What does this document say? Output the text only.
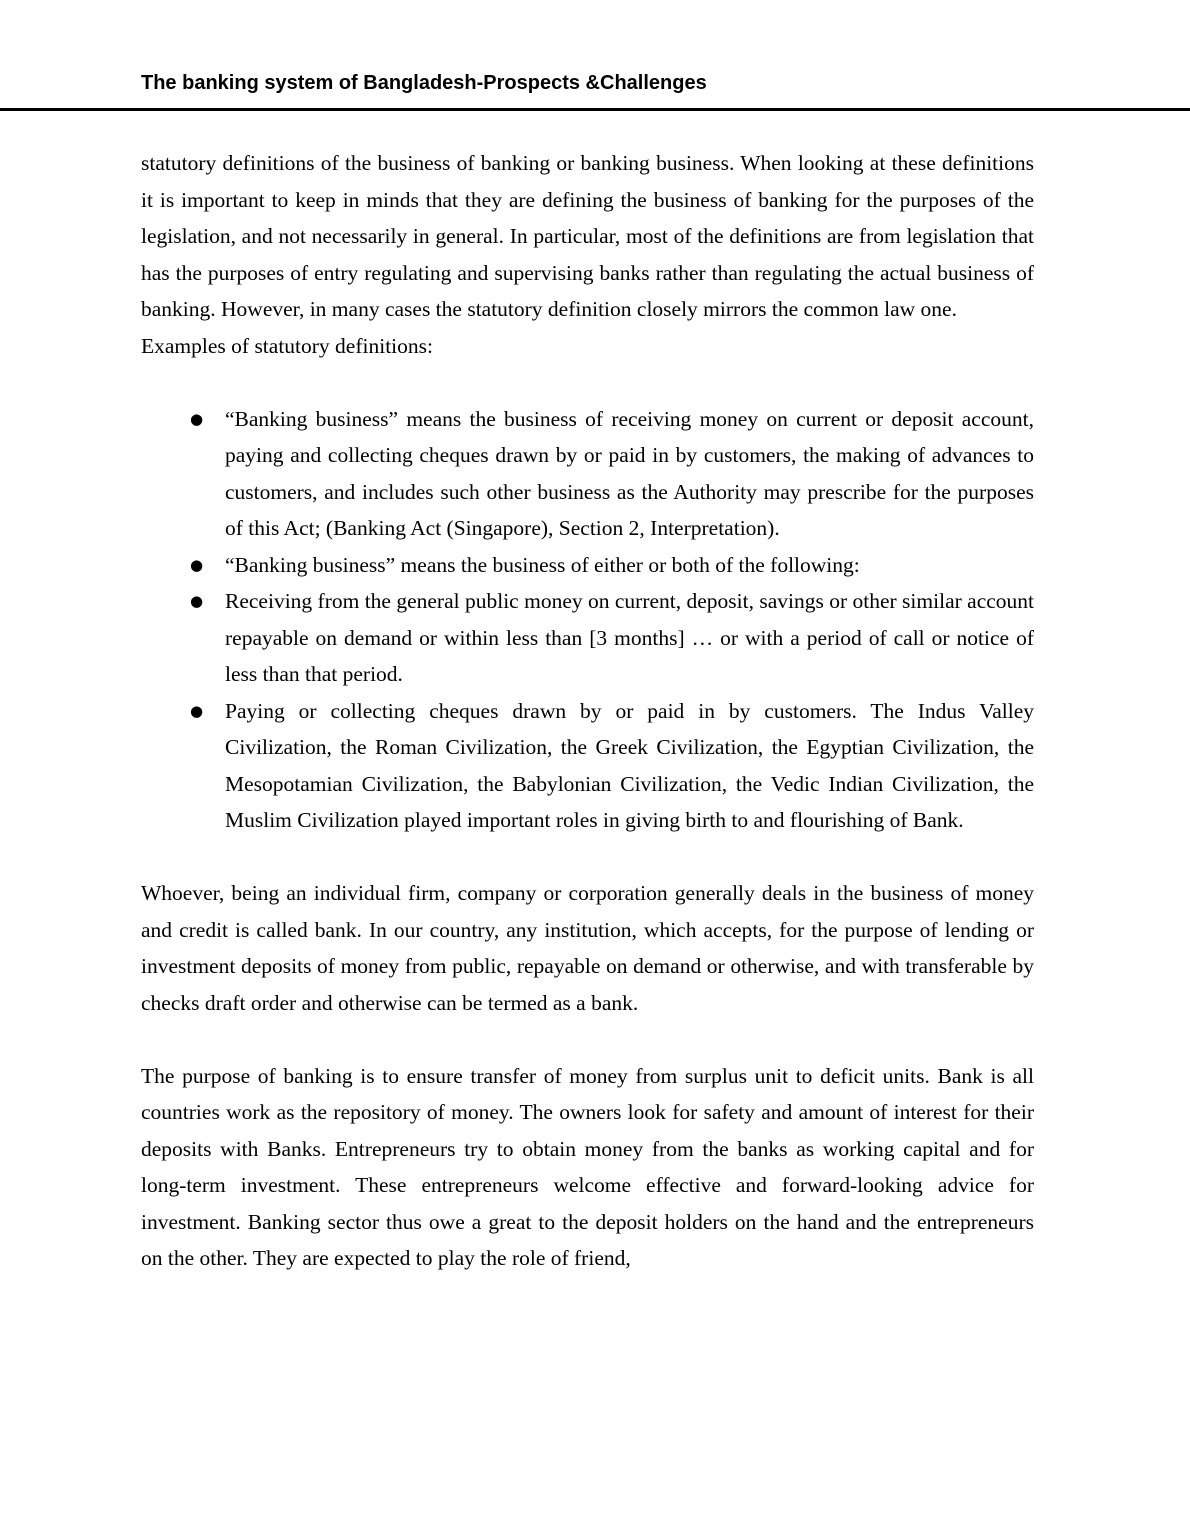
The banking system of Bangladesh-Prospects &Challenges

statutory definitions of the business of banking or banking business. When looking at these definitions it is important to keep in minds that they are defining the business of banking for the purposes of the legislation, and not necessarily in general. In particular, most of the definitions are from legislation that has the purposes of entry regulating and supervising banks rather than regulating the actual business of banking. However, in many cases the statutory definition closely mirrors the common law one.

Examples of statutory definitions:

● “Banking business” means the business of receiving money on current or deposit account, paying and collecting cheques drawn by or paid in by customers, the making of advances to customers, and includes such other business as the Authority may prescribe for the purposes of this Act; (Banking Act (Singapore), Section 2, Interpretation).
● “Banking business” means the business of either or both of the following:
● Receiving from the general public money on current, deposit, savings or other similar account repayable on demand or within less than [3 months] … or with a period of call or notice of less than that period.
● Paying or collecting cheques drawn by or paid in by customers. The Indus Valley Civilization, the Roman Civilization, the Greek Civilization, the Egyptian Civilization, the Mesopotamian Civilization, the Babylonian Civilization, the Vedic Indian Civilization, the Muslim Civilization played important roles in giving birth to and flourishing of Bank.

Whoever, being an individual firm, company or corporation generally deals in the business of money and credit is called bank. In our country, any institution, which accepts, for the purpose of lending or investment deposits of money from public, repayable on demand or otherwise, and with transferable by checks draft order and otherwise can be termed as a bank.

The purpose of banking is to ensure transfer of money from surplus unit to deficit units. Bank is all countries work as the repository of money. The owners look for safety and amount of interest for their deposits with Banks. Entrepreneurs try to obtain money from the banks as working capital and for long-term investment. These entrepreneurs welcome effective and forward-looking advice for investment. Banking sector thus owe a great to the deposit holders on the hand and the entrepreneurs on the other. They are expected to play the role of friend,
